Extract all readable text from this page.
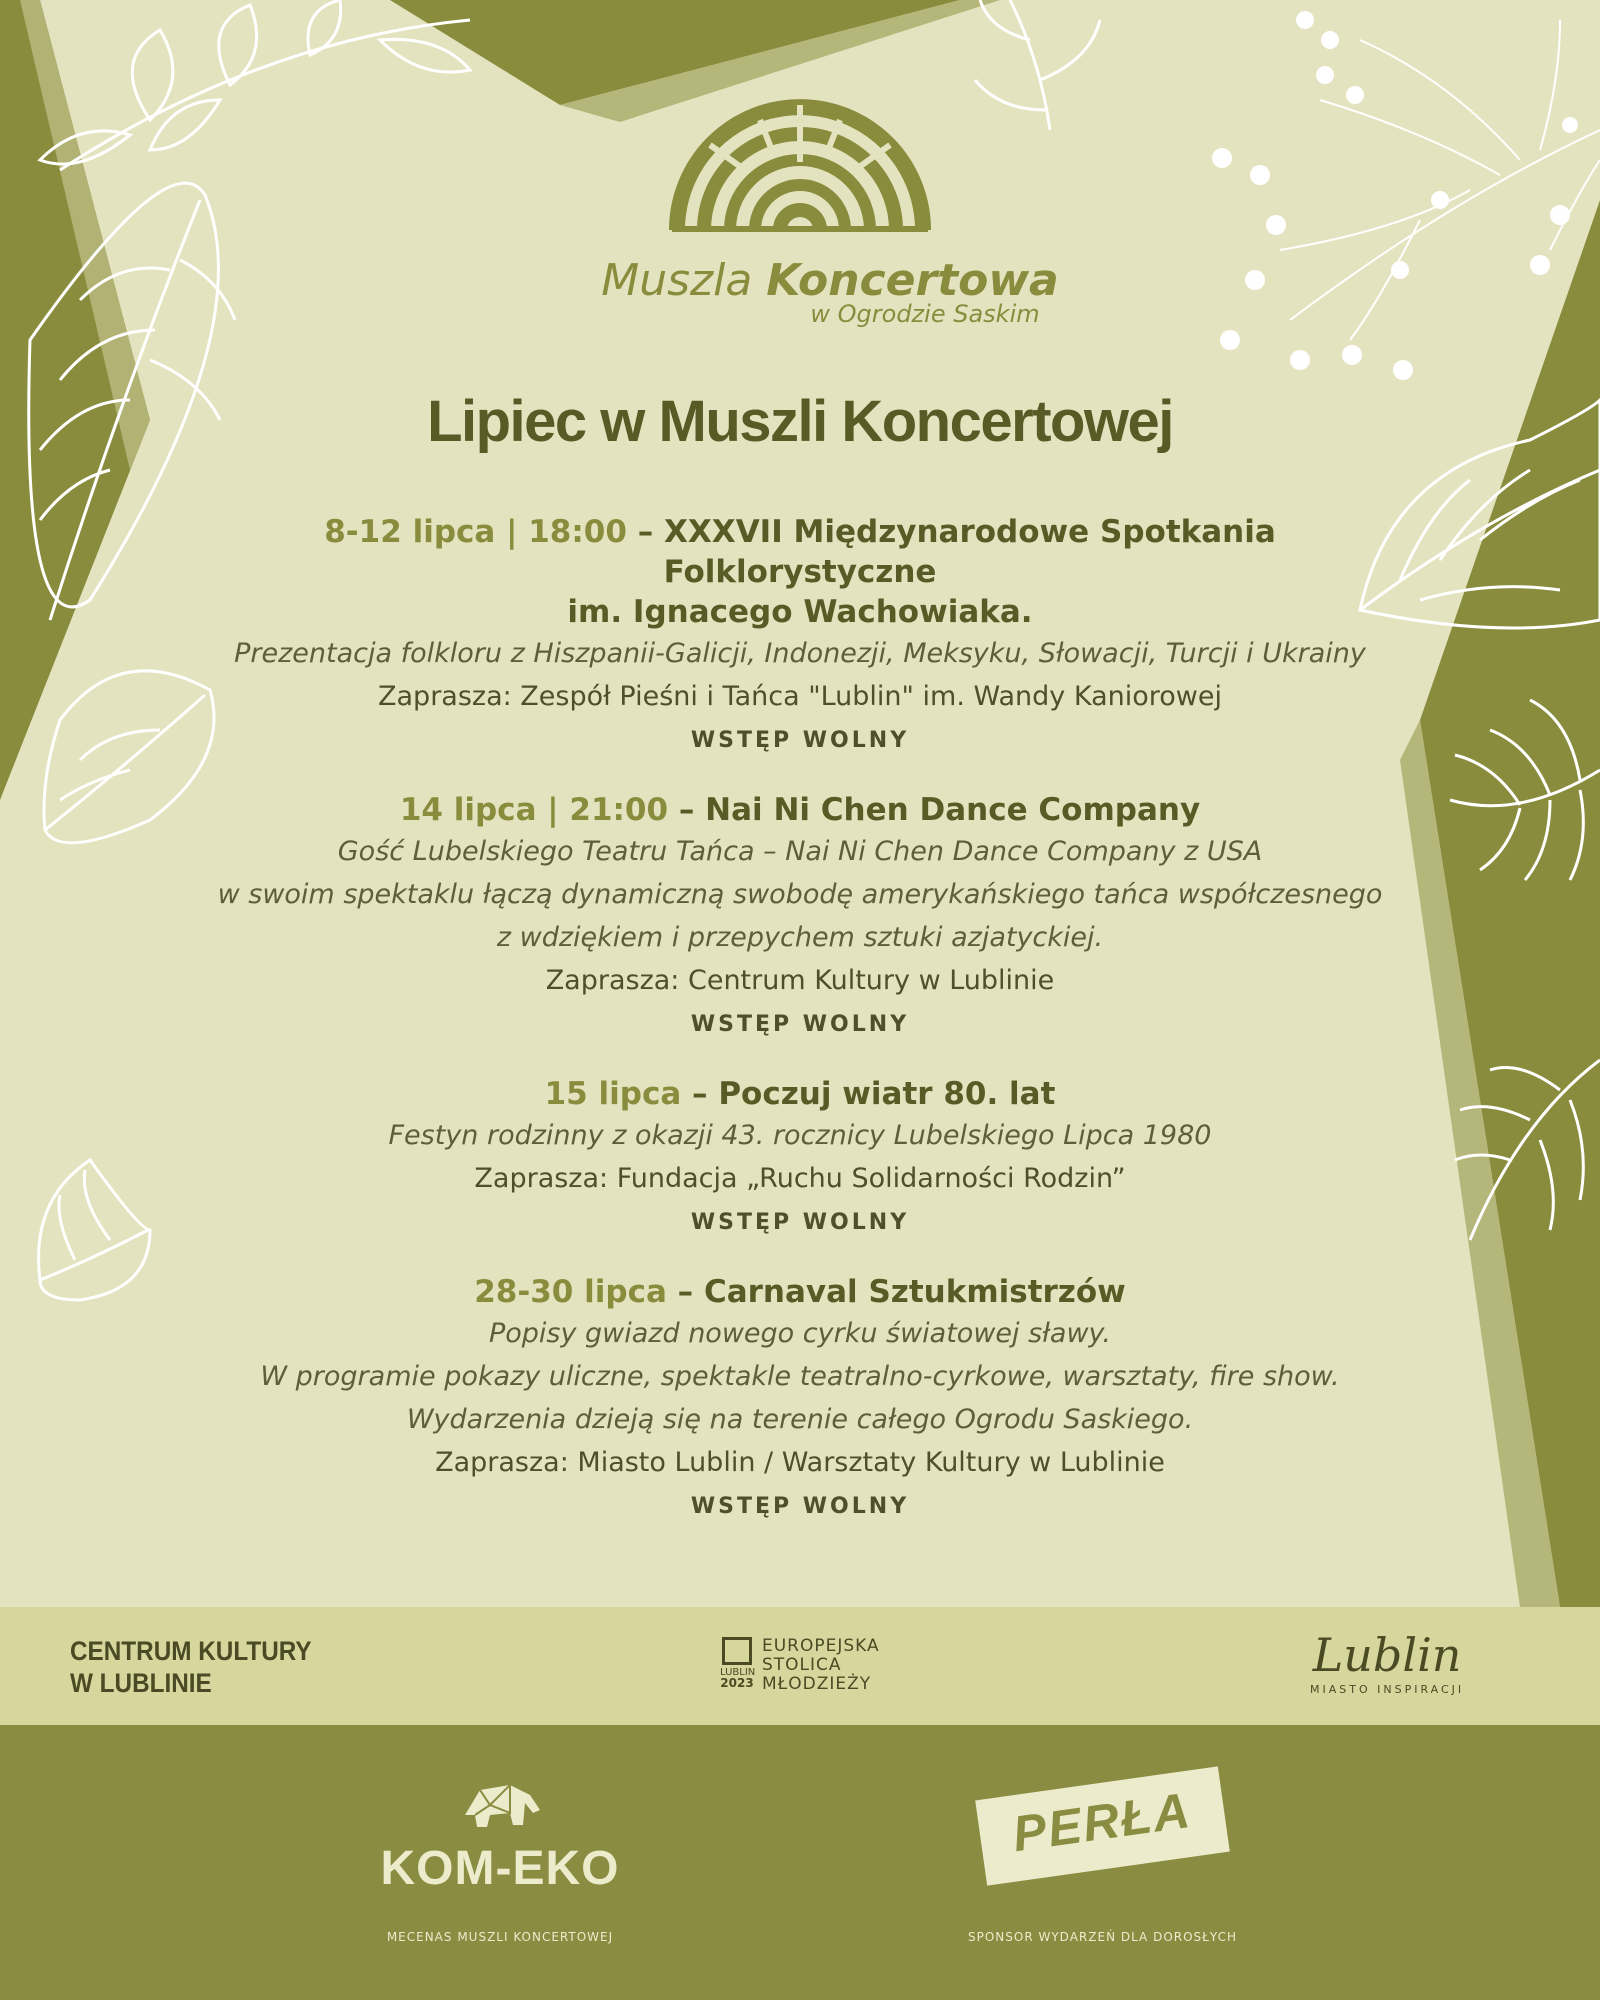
Muszla Koncertowa
w Ogrodzie Saskim
Lipiec w Muszli Koncertowej
8-12 lipca | 18:00 – XXXVII Międzynarodowe Spotkania Folklorystyczne
im. Ignacego Wachowiaka.
Prezentacja folkloru z Hiszpanii-Galicji, Indonezji, Meksyku, Słowacji, Turcji i Ukrainy
Zaprasza: Zespół Pieśni i Tańca "Lublin" im. Wandy Kaniorowej
WSTĘP WOLNY
14 lipca | 21:00 – Nai Ni Chen Dance Company
Gość Lubelskiego Teatru Tańca – Nai Ni Chen Dance Company z USA
w swoim spektaklu łączą dynamiczną swobodę amerykańskiego tańca współczesnego
z wdziękiem i przepychem sztuki azjatyckiej.
Zaprasza: Centrum Kultury w Lublinie
WSTĘP WOLNY
15 lipca – Poczuj wiatr 80. lat
Festyn rodzinny z okazji 43. rocznicy Lubelskiego Lipca 1980
Zaprasza: Fundacja „Ruchu Solidarności Rodzin”
WSTĘP WOLNY
28-30 lipca – Carnaval Sztukmistrzów
Popisy gwiazd nowego cyrku światowej sławy.
W programie pokazy uliczne, spektakle teatralno-cyrkowe, warsztaty, fire show.
Wydarzenia dzieją się na terenie całego Ogrodu Saskiego.
Zaprasza: Miasto Lublin / Warsztaty Kultury w Lublinie
WSTĘP WOLNY
CENTRUM KULTURY
W LUBLINIE	LUBLIN
2023
EUROPEJSKA
STOLICA
MŁODZIEŻY
Lublin
MIASTO INSPIRACJI
KOM-EKO
MECENAS MUSZLI KONCERTOWEJ
PERŁA
SPONSOR WYDARZEŃ DLA DOROSŁYCH
